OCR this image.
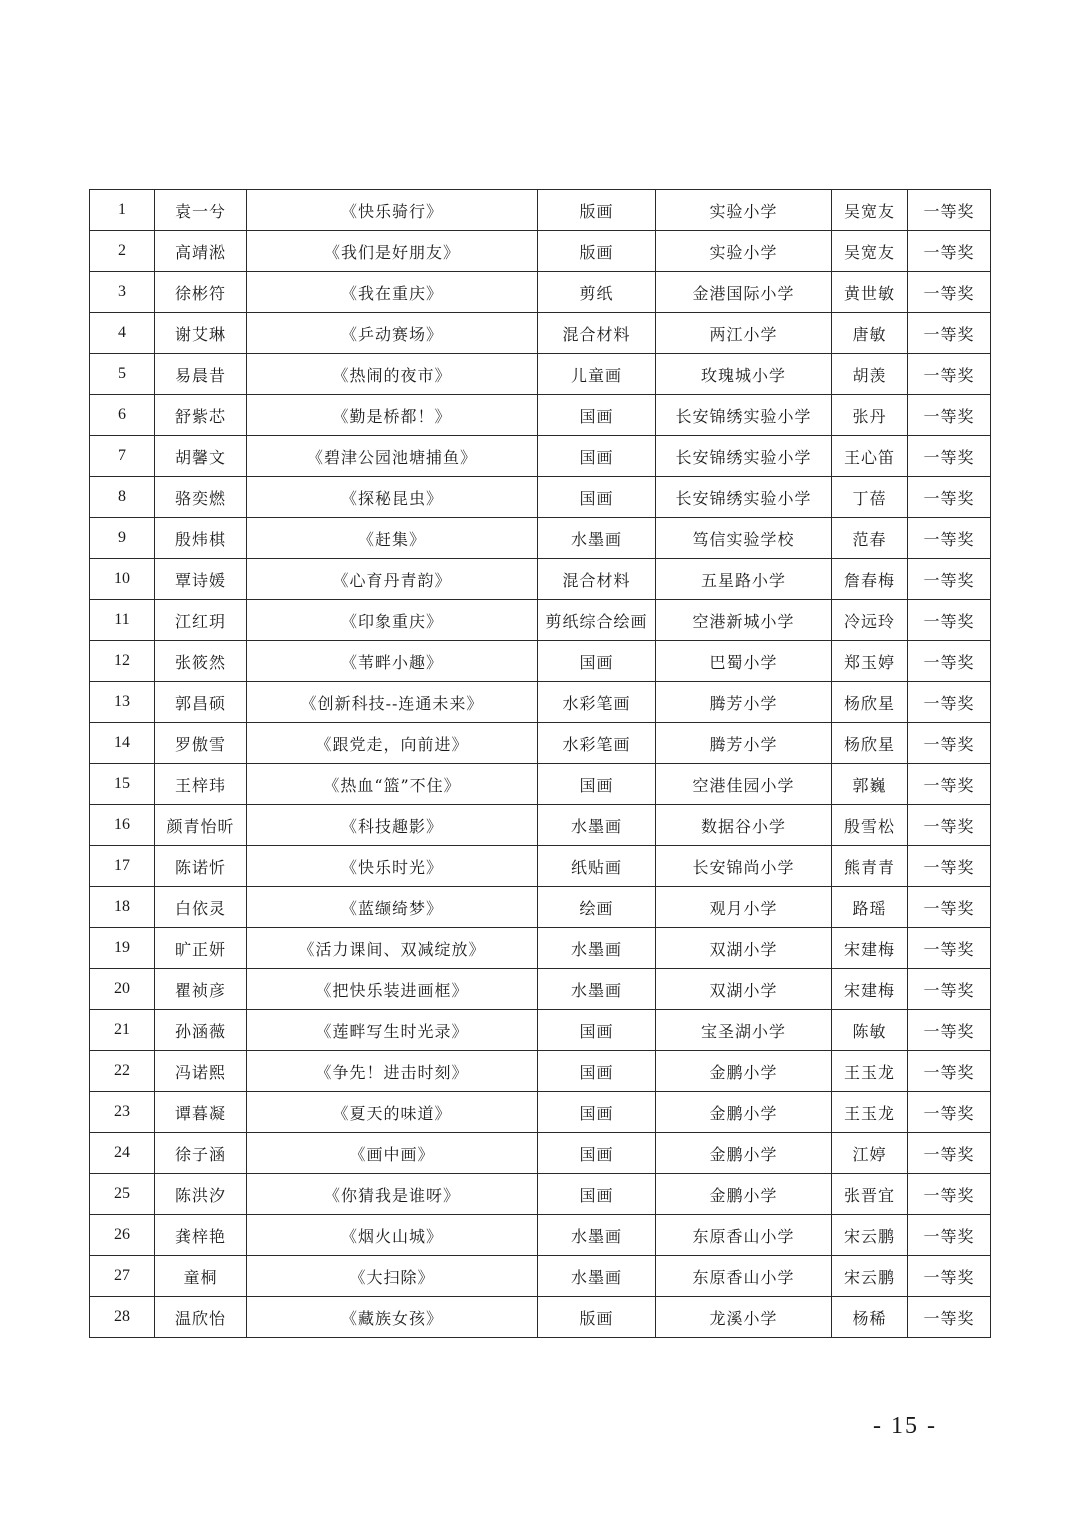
1	袁一兮	《快乐骑行》	版画	实验小学	吴宽友	一等奖
2	高靖淞	《我们是好朋友》	版画	实验小学	吴宽友	一等奖
3	徐彬符	《我在重庆》	剪纸	金港国际小学	黄世敏	一等奖
4	谢艾琳	《乒动赛场》	混合材料	两江小学	唐敏	一等奖
5	易晨昔	《热闹的夜市》	儿童画	玫瑰城小学	胡羡	一等奖
6	舒紫芯	《勤是桥都！》	国画	长安锦绣实验小学	张丹	一等奖
7	胡馨文	《碧津公园池塘捕鱼》	国画	长安锦绣实验小学	王心笛	一等奖
8	骆奕燃	《探秘昆虫》	国画	长安锦绣实验小学	丁蓓	一等奖
9	殷炜棋	《赶集》	水墨画	笃信实验学校	范春	一等奖
10	覃诗媛	《心育丹青韵》	混合材料	五星路小学	詹春梅	一等奖
11	江红玥	《印象重庆》	剪纸综合绘画	空港新城小学	冷远玲	一等奖
12	张筱然	《苇畔小趣》	国画	巴蜀小学	郑玉婷	一等奖
13	郭昌硕	《创新科技--连通未来》	水彩笔画	腾芳小学	杨欣星	一等奖
14	罗傲雪	《跟党走，向前进》	水彩笔画	腾芳小学	杨欣星	一等奖
15	王梓玮	《热血“篮”不住》	国画	空港佳园小学	郭巍	一等奖
16	颜青怡昕	《科技趣影》	水墨画	数据谷小学	殷雪松	一等奖
17	陈诺忻	《快乐时光》	纸贴画	长安锦尚小学	熊青青	一等奖
18	白依灵	《蓝缬绮梦》	绘画	观月小学	路瑶	一等奖
19	旷正妍	《活力课间、双减绽放》	水墨画	双湖小学	宋建梅	一等奖
20	瞿祯彦	《把快乐装进画框》	水墨画	双湖小学	宋建梅	一等奖
21	孙涵薇	《莲畔写生时光录》	国画	宝圣湖小学	陈敏	一等奖
22	冯诺熙	《争先！进击时刻》	国画	金鹏小学	王玉龙	一等奖
23	谭暮凝	《夏天的味道》	国画	金鹏小学	王玉龙	一等奖
24	徐子涵	《画中画》	国画	金鹏小学	江婷	一等奖
25	陈洪汐	《你猜我是谁呀》	国画	金鹏小学	张晋宜	一等奖
26	龚梓艳	《烟火山城》	水墨画	东原香山小学	宋云鹏	一等奖
27	童桐	《大扫除》	水墨画	东原香山小学	宋云鹏	一等奖
28	温欣怡	《藏族女孩》	版画	龙溪小学	杨稀	一等奖
- 15 -
